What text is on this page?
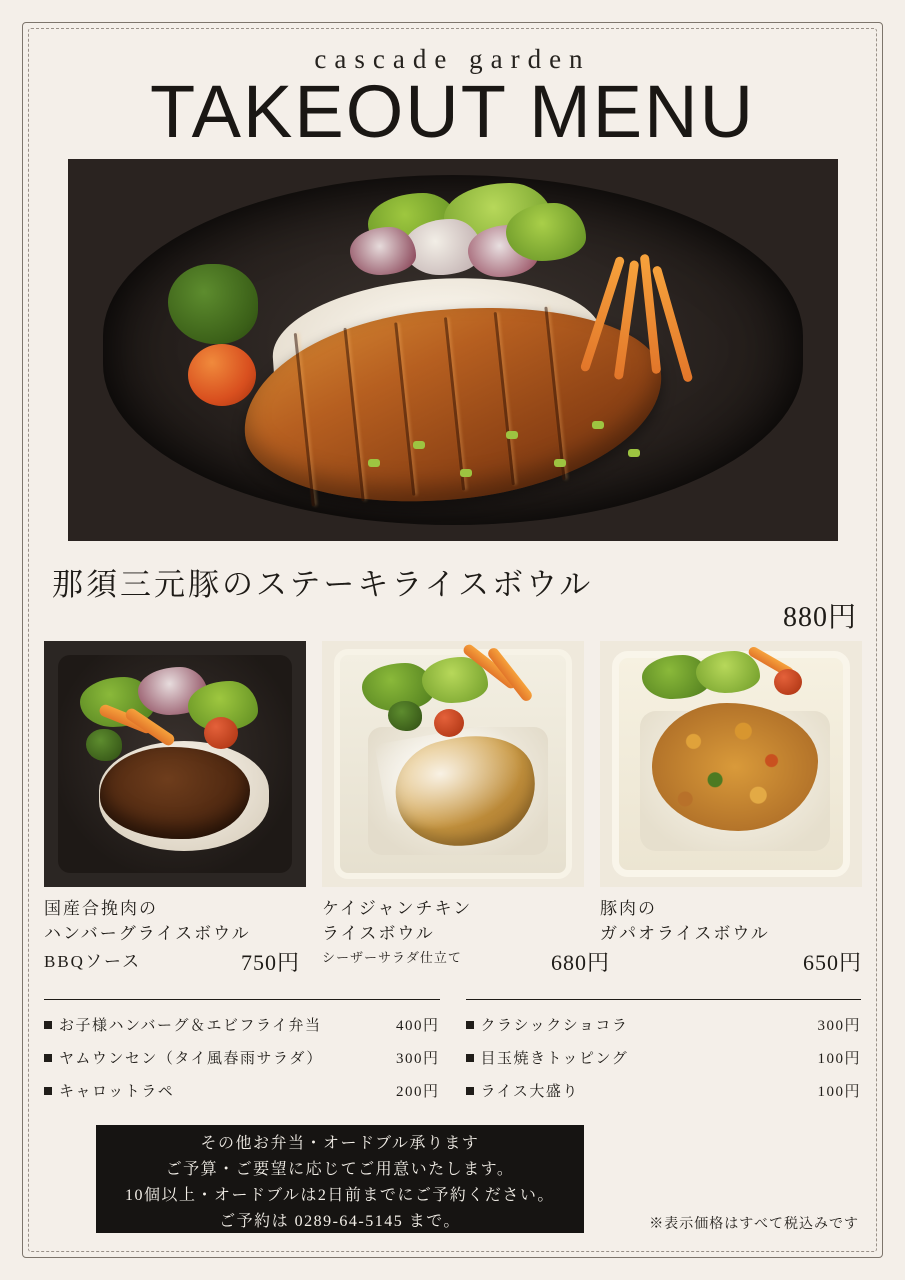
cascade garden
TAKEOUT MENU
那須三元豚のステーキライスボウル
880円
国産合挽肉の
ハンバーグライスボウル
BBQソース	750円
ケイジャンチキン
ライスボウル
シーザーサラダ仕立て	680円
豚肉の
ガパオライスボウル
650円
お子様ハンバーグ＆エビフライ弁当	400円
ヤムウンセン（タイ風春雨サラダ）	300円
キャロットラペ	200円
クラシックショコラ	300円
目玉焼きトッピング	100円
ライス大盛り	100円
その他お弁当・オードブル承ります
ご予算・ご要望に応じてご用意いたします。
10個以上・オードブルは2日前までにご予約ください。
ご予約は 0289-64-5145 まで。	※表示価格はすべて税込みです
